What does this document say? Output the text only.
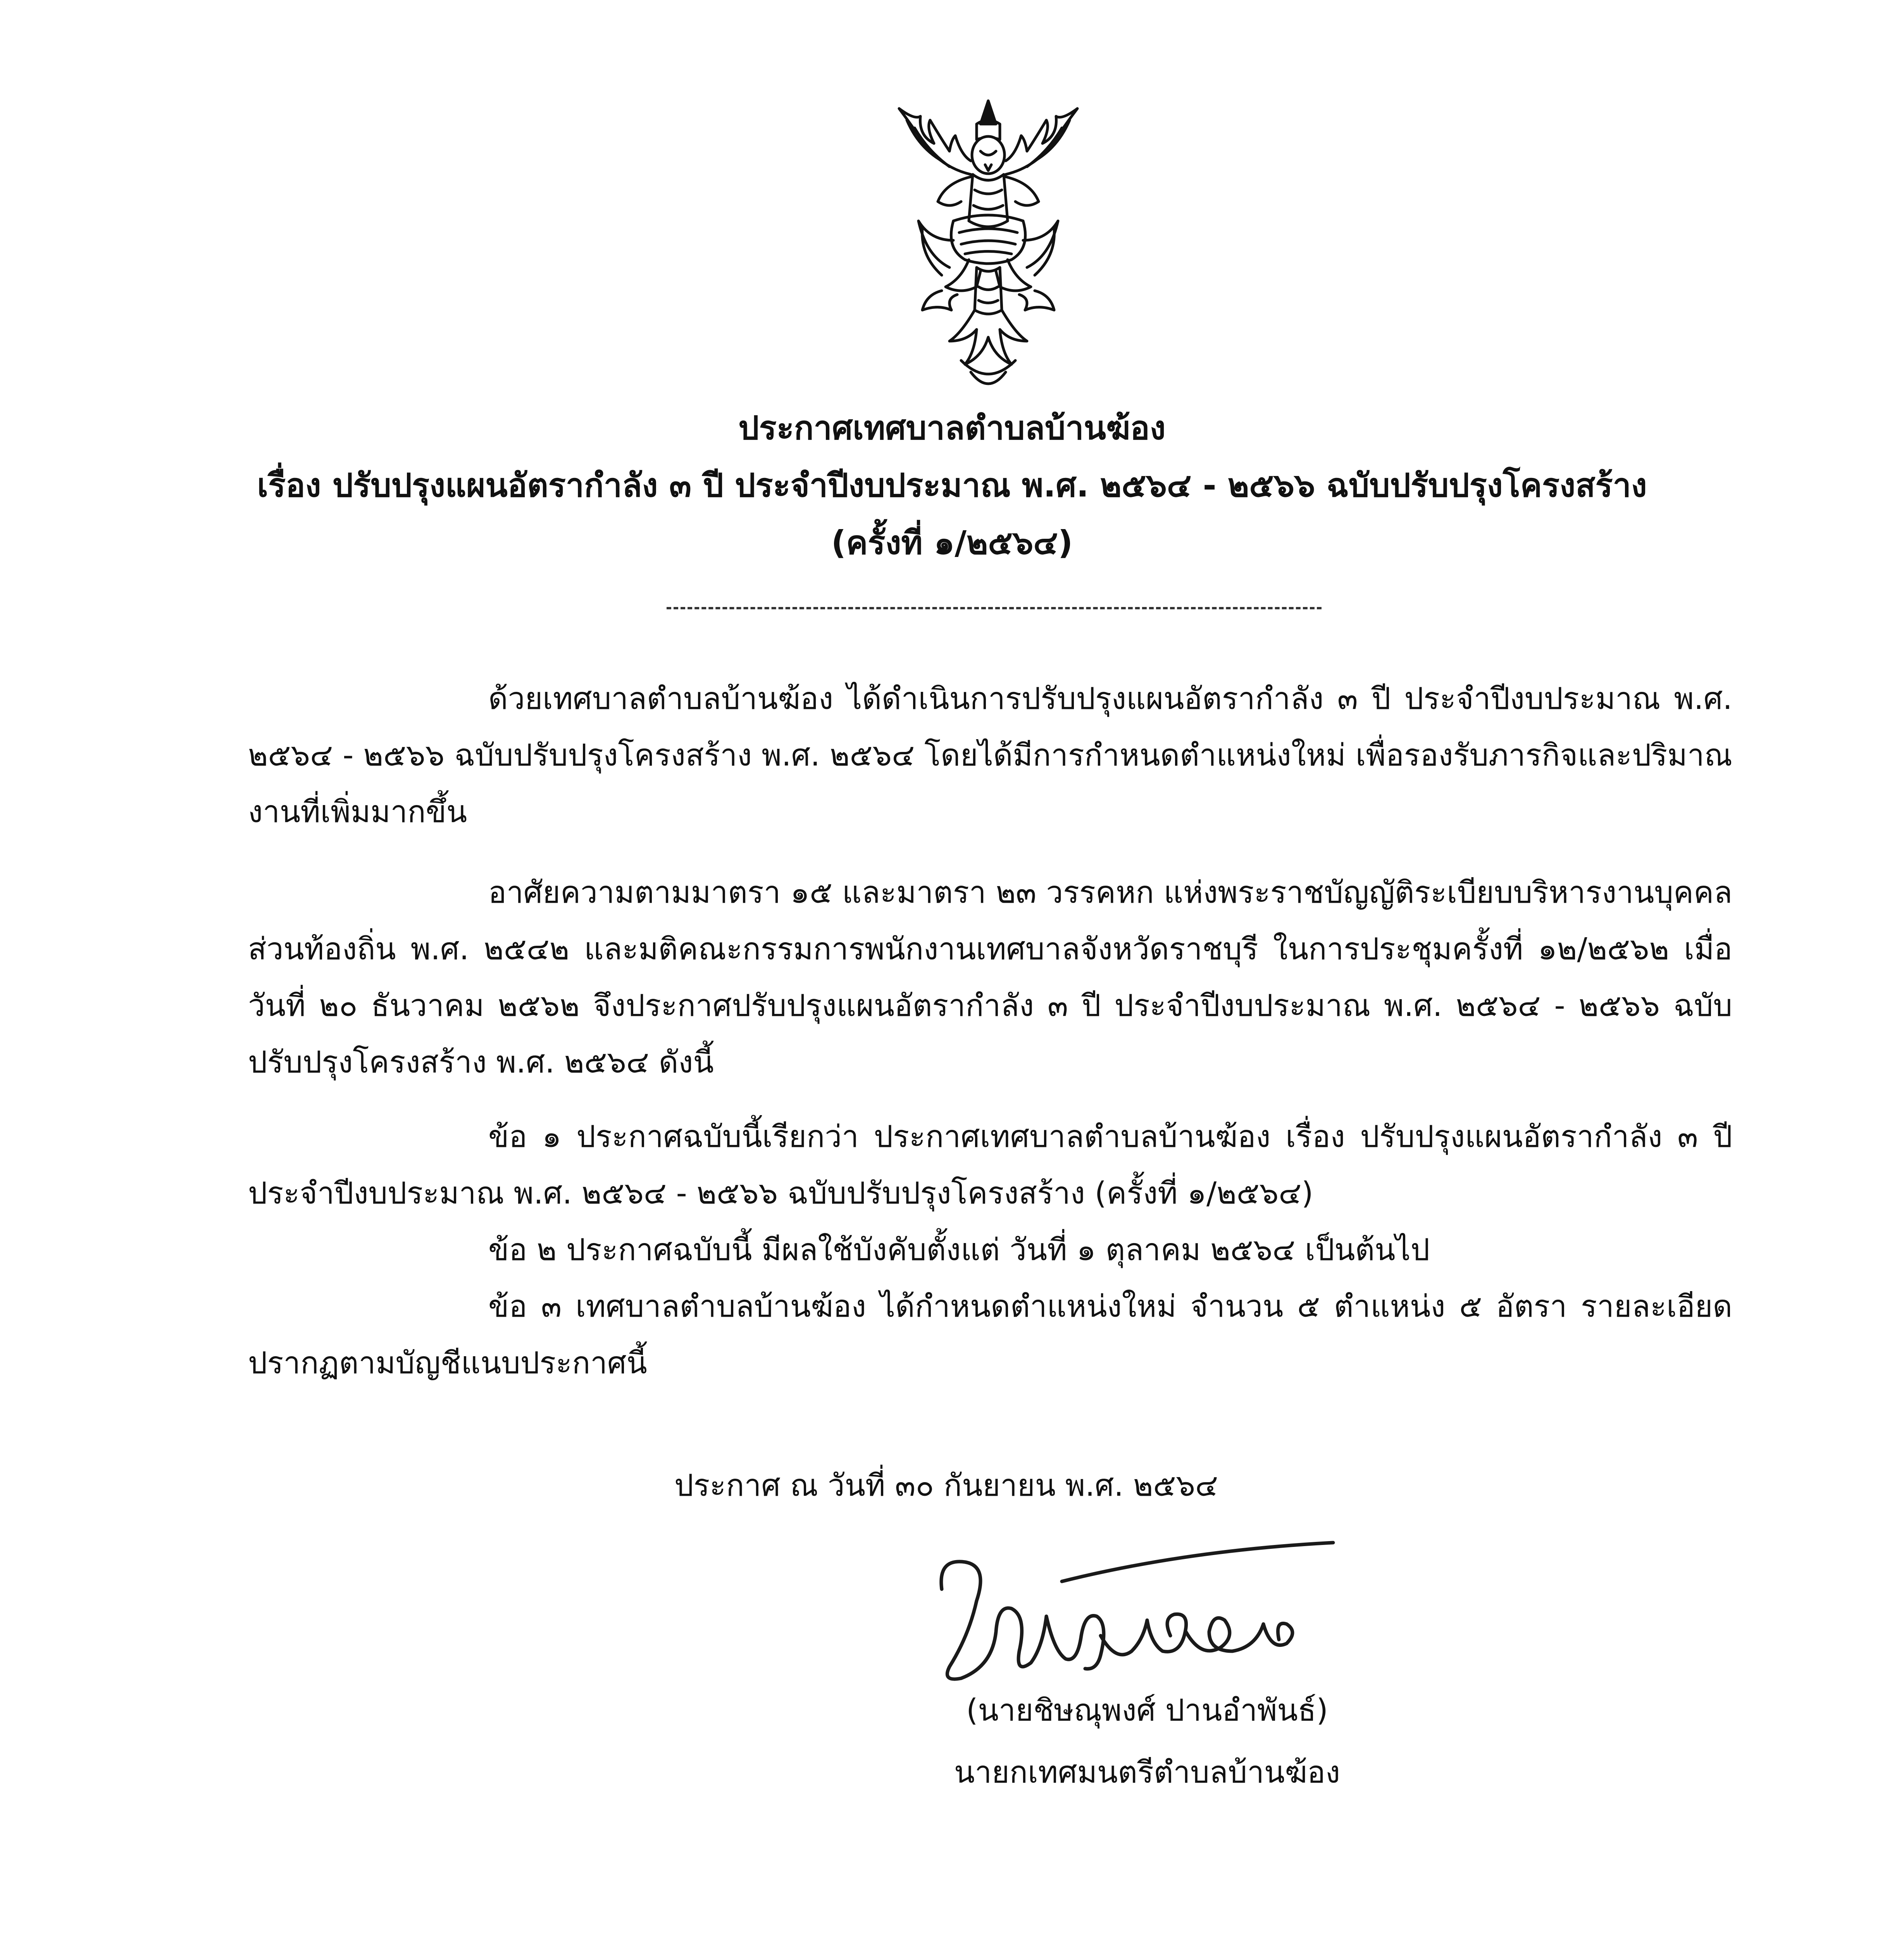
ประกาศเทศบาลตำบลบ้านฆ้อง
เรื่อง ปรับปรุงแผนอัตรากำลัง ๓ ปี ประจำปีงบประมาณ พ.ศ. ๒๕๖๔ - ๒๕๖๖ ฉบับปรับปรุงโครงสร้าง
(ครั้งที่ ๑/๒๕๖๔)

ด้วยเทศบาลตำบลบ้านฆ้อง ได้ดำเนินการปรับปรุงแผนอัตรากำลัง ๓ ปี ประจำปีงบประมาณ พ.ศ. ๒๕๖๔ - ๒๕๖๖ ฉบับปรับปรุงโครงสร้าง พ.ศ. ๒๕๖๔ โดยได้มีการกำหนดตำแหน่งใหม่ เพื่อรองรับภารกิจและปริมาณงานที่เพิ่มมากขึ้น

อาศัยความตามมาตรา ๑๕ และมาตรา ๒๓ วรรคหก แห่งพระราชบัญญัติระเบียบบริหารงานบุคคลส่วนท้องถิ่น พ.ศ. ๒๕๔๒ และมติคณะกรรมการพนักงานเทศบาลจังหวัดราชบุรี ในการประชุมครั้งที่ ๑๒/๒๕๖๒ เมื่อวันที่ ๒๐ ธันวาคม ๒๕๖๒ จึงประกาศปรับปรุงแผนอัตรากำลัง ๓ ปี ประจำปีงบประมาณ พ.ศ. ๒๕๖๔ - ๒๕๖๖ ฉบับปรับปรุงโครงสร้าง พ.ศ. ๒๕๖๔ ดังนี้

ข้อ ๑ ประกาศฉบับนี้เรียกว่า ประกาศเทศบาลตำบลบ้านฆ้อง เรื่อง ปรับปรุงแผนอัตรากำลัง ๓ ปี ประจำปีงบประมาณ พ.ศ. ๒๕๖๔ - ๒๕๖๖ ฉบับปรับปรุงโครงสร้าง (ครั้งที่ ๑/๒๕๖๔)

ข้อ ๒ ประกาศฉบับนี้ มีผลใช้บังคับตั้งแต่ วันที่ ๑ ตุลาคม ๒๕๖๔ เป็นต้นไป

ข้อ ๓ เทศบาลตำบลบ้านฆ้อง ได้กำหนดตำแหน่งใหม่ จำนวน ๕ ตำแหน่ง ๕ อัตรา รายละเอียดปรากฏตามบัญชีแนบประกาศนี้

ประกาศ ณ วันที่ ๓๐ กันยายน พ.ศ. ๒๕๖๔
(นายชิษณุพงศ์ ปานอำพันธ์)
นายกเทศมนตรีตำบลบ้านฆ้อง
